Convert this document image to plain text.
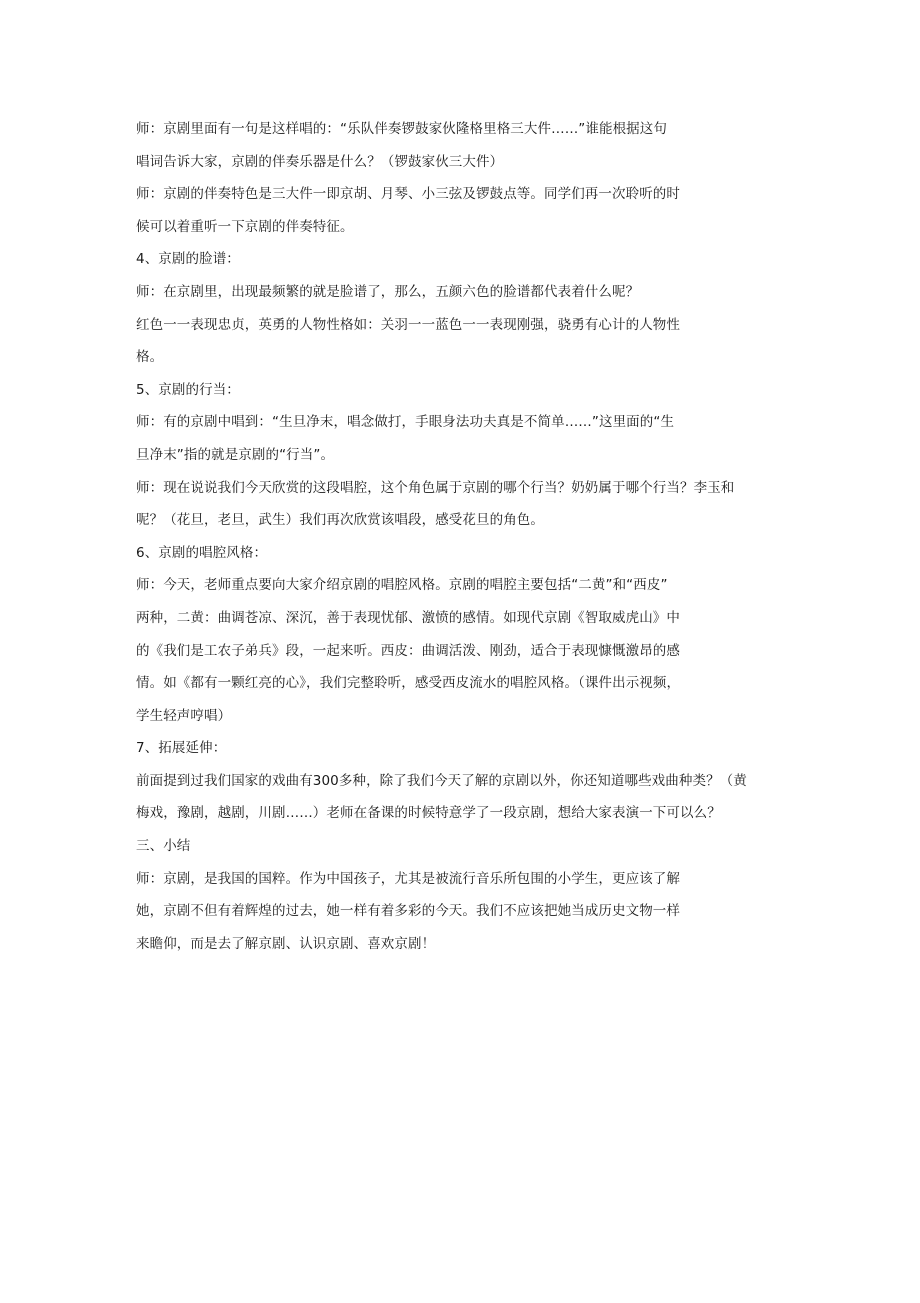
师：京剧里面有一句是这样唱的：“乐队伴奏锣鼓家伙隆格里格三大件……”谁能根据这句
唱词告诉大家，京剧的伴奏乐器是什么？（锣鼓家伙三大件）
师：京剧的伴奏特色是三大件一即京胡、月琴、小三弦及锣鼓点等。同学们再一次聆听的时
候可以着重听一下京剧的伴奏特征。
4、京剧的脸谱：
师：在京剧里，出现最频繁的就是脸谱了，那么，五颜六色的脸谱都代表着什么呢？
红色一一表现忠贞，英勇的人物性格如：关羽一一蓝色一一表现刚强，骁勇有心计的人物性
格。
5、京剧的行当：
师：有的京剧中唱到：“生旦净末，唱念做打，手眼身法功夫真是不简单……”这里面的“生
旦净末”指的就是京剧的“行当”。
师：现在说说我们今天欣赏的这段唱腔，这个角色属于京剧的哪个行当？奶奶属于哪个行当？李玉和
呢？（花旦，老旦，武生）我们再次欣赏该唱段，感受花旦的角色。
6、京剧的唱腔风格：
师：今天，老师重点要向大家介绍京剧的唱腔风格。京剧的唱腔主要包括“二黄”和“西皮”
两种，二黄：曲调苍凉、深沉，善于表现忧郁、激愤的感情。如现代京剧《智取威虎山》中
的《我们是工农子弟兵》段，一起来听。西皮：曲调活泼、刚劲，适合于表现慷慨激昂的感
情。如《都有一颗红亮的心》，我们完整聆听，感受西皮流水的唱腔风格。（课件出示视频，
学生轻声哼唱）
7、拓展延伸：
前面提到过我们国家的戏曲有300多种，除了我们今天了解的京剧以外，你还知道哪些戏曲种类？（黄
梅戏，豫剧，越剧，川剧……）老师在备课的时候特意学了一段京剧，想给大家表演一下可以么？
三、小结
师：京剧，是我国的国粹。作为中国孩子，尤其是被流行音乐所包围的小学生，更应该了解
她，京剧不但有着辉煌的过去，她一样有着多彩的今天。我们不应该把她当成历史文物一样
来瞻仰，而是去了解京剧、认识京剧、喜欢京剧！
